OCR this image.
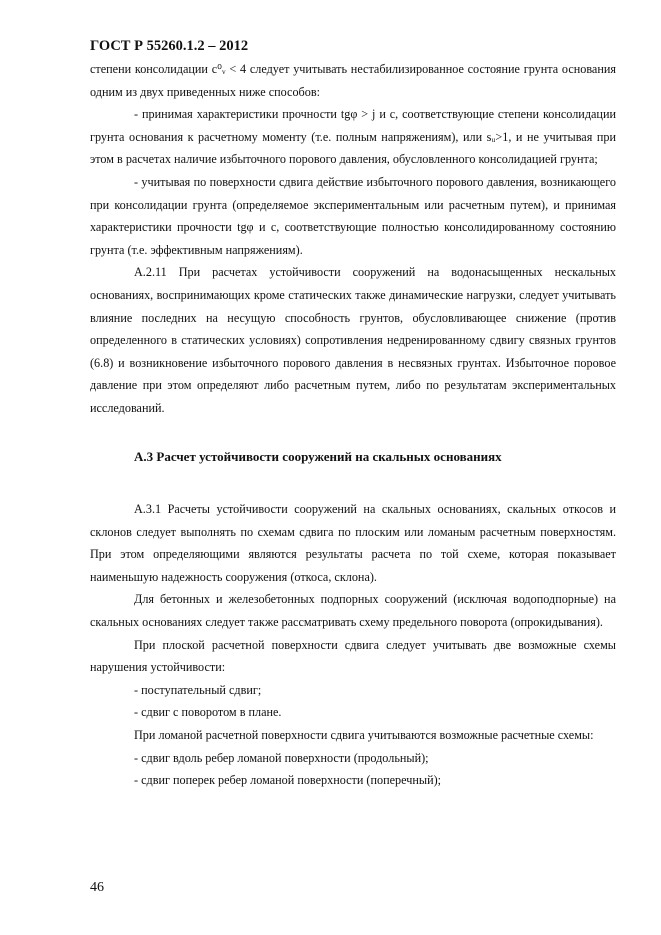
ГОСТ Р 55260.1.2 – 2012

степени консолидации c⁰ᵥ < 4 следует учитывать нестабилизированное состояние грунта основания одним из двух приведенных ниже способов:

- принимая характеристики прочности tgφ > j и c, соответствующие степени консолидации грунта основания к расчетному моменту (т.е. полным напряжениям), или sᵤ>1, и не учитывая при этом в расчетах наличие избыточного порового давления, обусловленного консолидацией грунта;

- учитывая по поверхности сдвига действие избыточного порового давления, возникающего при консолидации грунта (определяемое экспериментальным или расчетным путем), и принимая характеристики прочности tgφ и c, соответствующие полностью консолидированному состоянию грунта (т.е. эффективным напряжениям).

А.2.11 При расчетах устойчивости сооружений на водонасыщенных нескальных основаниях, воспринимающих кроме статических также динамические нагрузки, следует учитывать влияние последних на несущую способность грунтов, обусловливающее снижение (против определенного в статических условиях) сопротивления недренированному сдвигу связных грунтов (6.8) и возникновение избыточного порового давления в несвязных грунтах. Избыточное поровое давление при этом определяют либо расчетным путем, либо по результатам экспериментальных исследований.

А.3 Расчет устойчивости сооружений на скальных основаниях

А.3.1 Расчеты устойчивости сооружений на скальных основаниях, скальных откосов и склонов следует выполнять по схемам сдвига по плоским или ломаным расчетным поверхностям. При этом определяющими являются результаты расчета по той схеме, которая показывает наименьшую надежность сооружения (откоса, склона).

Для бетонных и железобетонных подпорных сооружений (исключая водоподпорные) на скальных основаниях следует также рассматривать схему предельного поворота (опрокидывания).

При плоской расчетной поверхности сдвига следует учитывать две возможные схемы нарушения устойчивости:

- поступательный сдвиг;

- сдвиг с поворотом в плане.

При ломаной расчетной поверхности сдвига учитываются возможные расчетные схемы:

- сдвиг вдоль ребер ломаной поверхности (продольный);

- сдвиг поперек ребер ломаной поверхности (поперечный);

46
